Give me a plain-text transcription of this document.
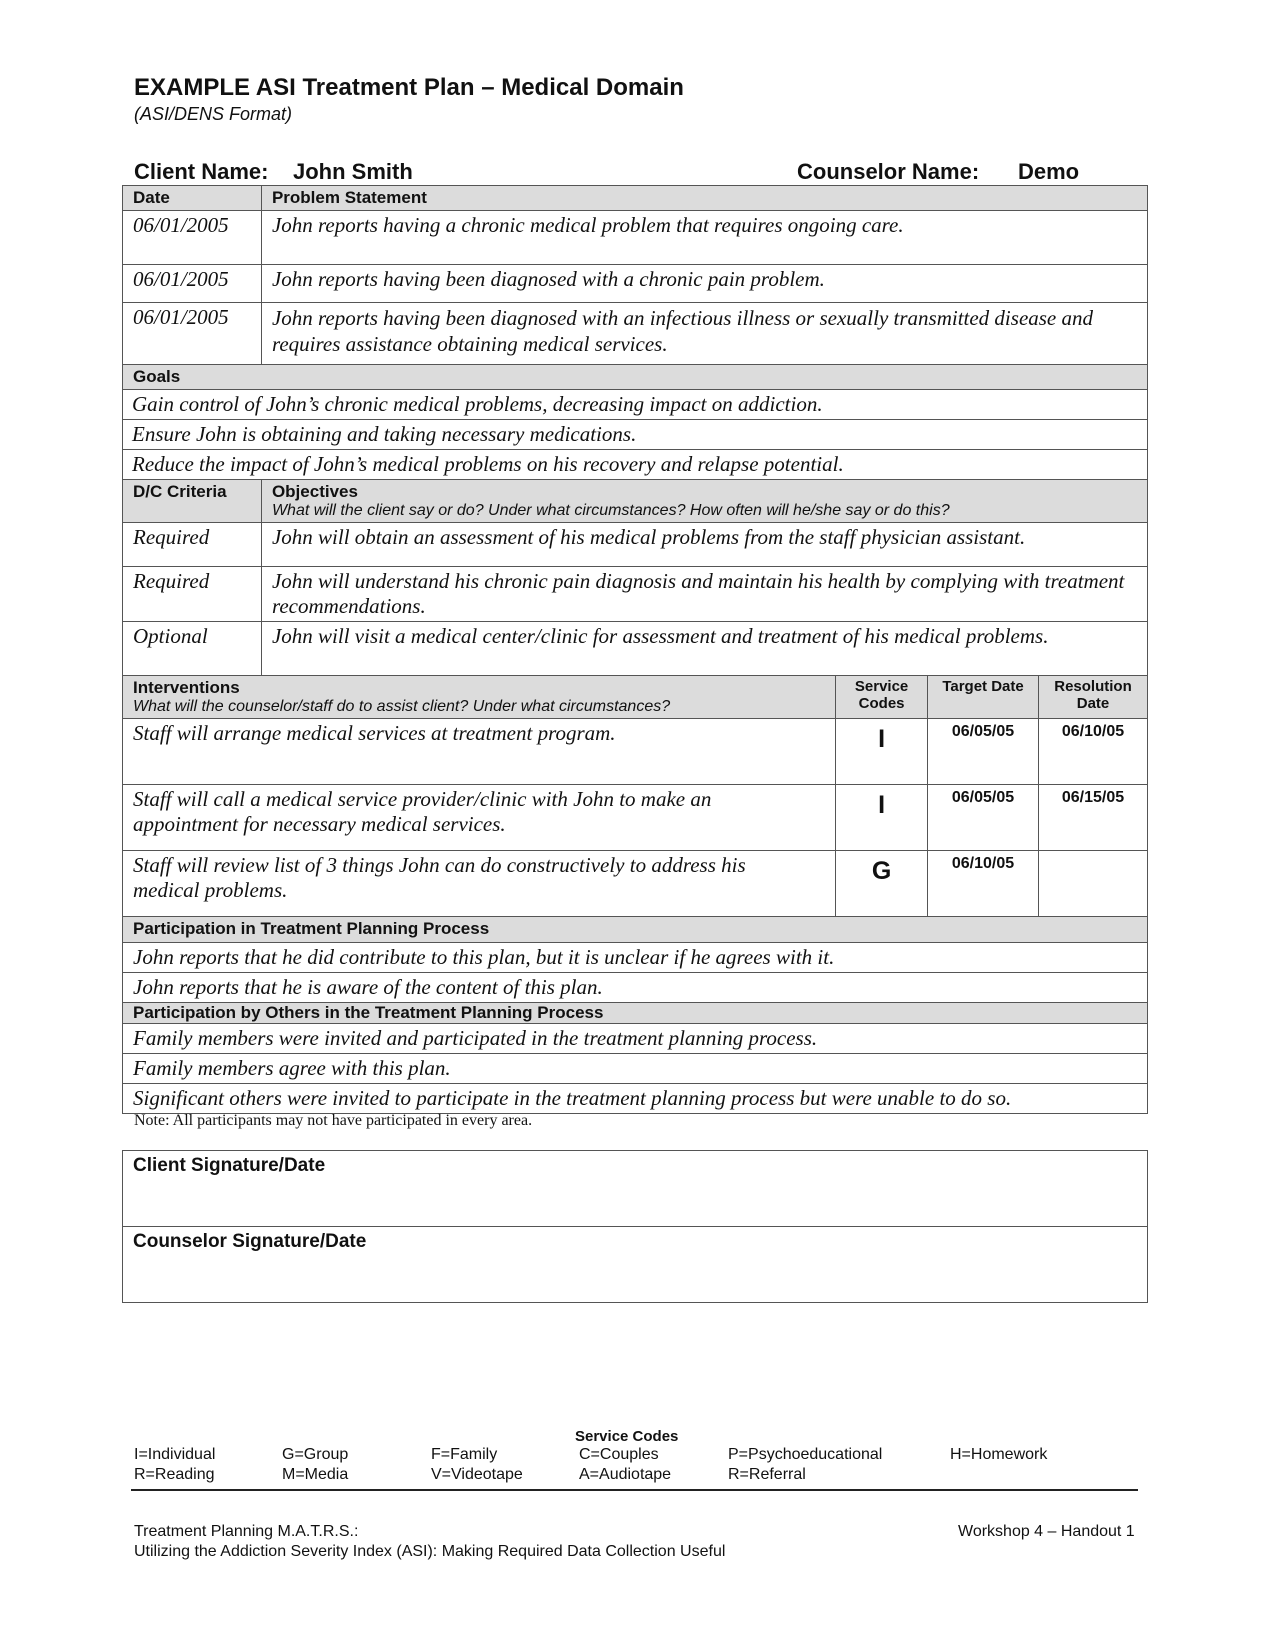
EXAMPLE ASI Treatment Plan – Medical Domain
(ASI/DENS Format)
Client Name: John Smith	Counselor Name: Demo
Date	Problem Statement			
06/01/2005	John reports having a chronic medical problem that requires ongoing care.			
06/01/2005	John reports having been diagnosed with a chronic pain problem.			
06/01/2005	John reports having been diagnosed with an infectious illness or sexually transmitted disease and requires assistance obtaining medical services.			
Goals				
Gain control of John’s chronic medical problems, decreasing impact on addiction.				
Ensure John is obtaining and taking necessary medications.				
Reduce the impact of John’s medical problems on his recovery and relapse potential.				
D/C Criteria	Objectives
What will the client say or do? Under what circumstances? How often will he/she say or do this?			

Required	John will obtain an assessment of his medical problems from the staff physician assistant.			
Required	John will understand his chronic pain diagnosis and maintain his health by complying with treatment recommendations.			
Optional	John will visit a medical center/clinic for assessment and treatment of his medical problems.			

Interventions
What will the counselor/staff do to assist client? Under what circumstances?		Service Codes	Target Date	Resolution Date
Staff will arrange medical services at treatment program.		I	06/05/05	06/10/05
Staff will call a medical service provider/clinic with John to make an appointment for necessary medical services.		I	06/05/05	06/15/05
Staff will review list of 3 things John can do constructively to address his medical problems.		G	06/10/05	
Participation in Treatment Planning Process				
John reports that he did contribute to this plan, but it is unclear if he agrees with it.				
John reports that he is aware of the content of this plan.				
Participation by Others in the Treatment Planning Process				
Family members were invited and participated in the treatment planning process.				
Family members agree with this plan.				
Significant others were invited to participate in the treatment planning process but were unable to do so.				
Note: All participants may not have participated in every area.
Client Signature/Date
Counselor Signature/Date
Service Codes
I=Individual	G=Group	F=Family	C=Couples	P=Psychoeducational	H=Homework
R=Reading	M=Media	V=Videotape	A=Audiotape	R=Referral
Treatment Planning M.A.T.R.S.:
Utilizing the Addiction Severity Index (ASI): Making Required Data Collection Useful
Workshop 4 – Handout 1
